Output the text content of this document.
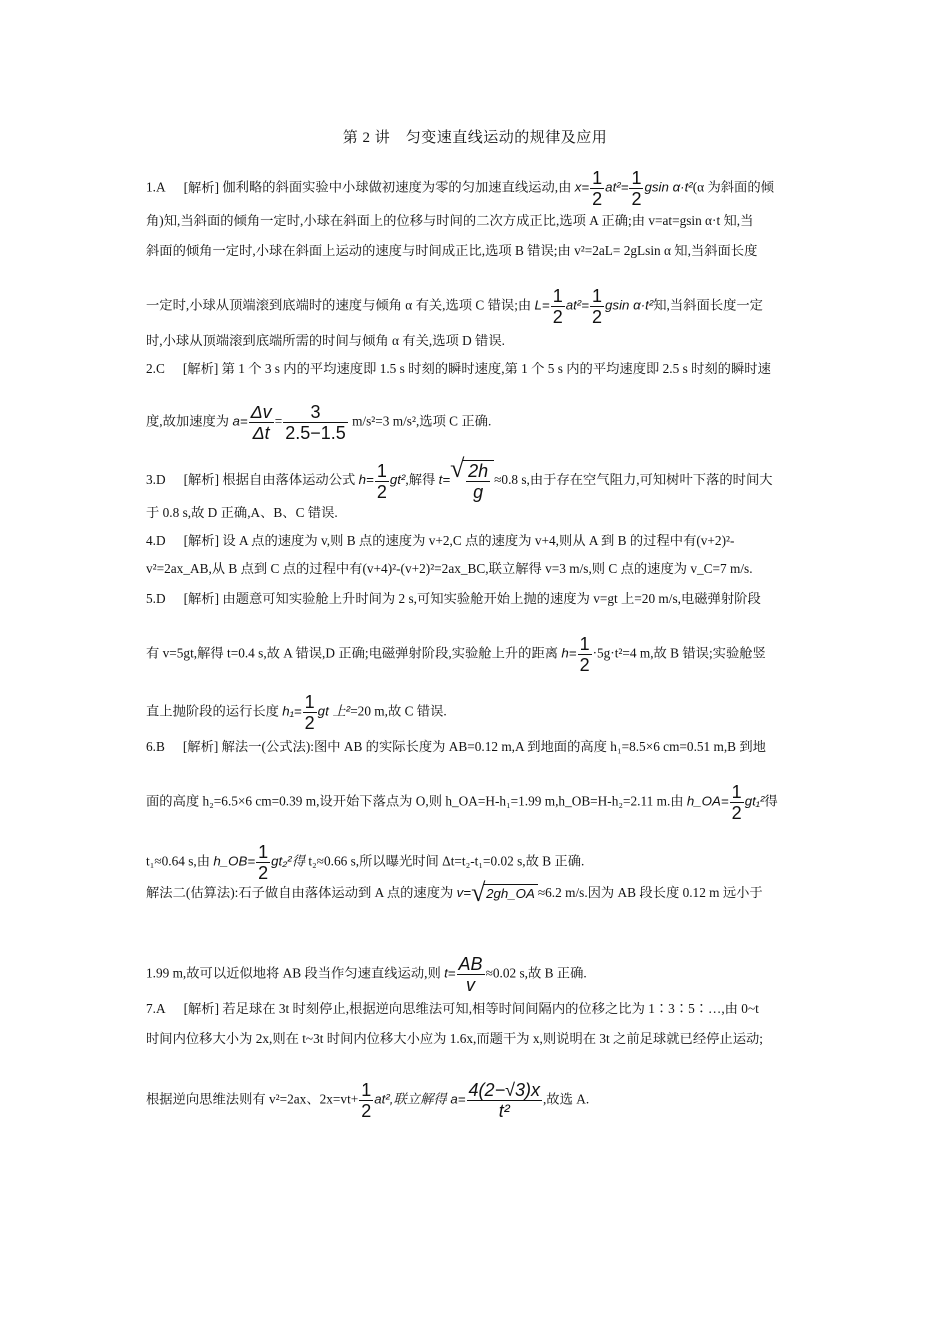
第 2 讲　匀变速直线运动的规律及应用
1.A [解析] 伽利略的斜面实验中小球做初速度为零的匀加速直线运动,由 $x= \frac{1}{2} at^2= \frac{1}{2}$ gsin α·t²(α 为斜面的倾
角)知,当斜面的倾角一定时,小球在斜面上的位移与时间的二次方成正比,选项 A 正确;由 v=at=gsin α·t 知,当
斜面的倾角一定时,小球在斜面上运动的速度与时间成正比,选项 B 错误;由 v²=2aL= 2gLsin α 知,当斜面长度
一定时,小球从顶端滚到底端时的速度与倾角 α 有关,选项 C 错误;由 $L= \frac{1}{2} at^2= \frac{1}{2}$ gsin α·t²知,当斜面长度一定
时,小球从顶端滚到底端所需的时间与倾角 α 有关,选项 D 错误.
2.C [解析] 第 1 个 3 s 内的平均速度即 1.5 s 时刻的瞬时速度,第 1 个 5 s 内的平均速度即 2.5 s 时刻的瞬时速
度,故加速度为 $a= \frac{\Delta v}{\Delta t} = \frac{3}{2.5-1.5} m/s^2=3$ m/s²,选项 C 正确.
3.D [解析] 根据自由落体运动公式 $h= \frac{1}{2} gt^2$,解得 t= √ $\frac{2h}{g} \approx 0.8$ s,由于存在空气阻力,可知树叶下落的时间大
于 0.8 s,故 D 正确,A、B、C 错误.
4.D [解析] 设 A 点的速度为 v,则 B 点的速度为 v+2,C 点的速度为 v+4,则从 A 到 B 的过程中有(v+2)²-
v²=2ax_AB,从 B 点到 C 点的过程中有(v+4)²-(v+2)²=2ax_BC,联立解得 v=3 m/s,则 C 点的速度为 v_C=7 m/s.
5.D [解析] 由题意可知实验舱上升时间为 2 s,可知实验舱开始上抛的速度为 v=gt 上=20 m/s,电磁弹射阶段
有 v=5gt,解得 t=0.4 s,故 A 错误,D 正确;电磁弹射阶段,实验舱上升的距离 $h= \frac{1}{2} \cdot 5g\cdot t^2=4$ m,故 B 错误;实验舱竖
直上抛阶段的运行长度 $h_1= \frac{1}{2}$ gt 上²=20 m,故 C 错误.
6.B [解析] 解法一(公式法):图中 AB 的实际长度为 AB=0.12 m,A 到地面的高度 h₁=8.5×6 cm=0.51 m,B 到地
面的高度 h₂=6.5×6 cm=0.39 m,设开始下落点为 O,则 h_OA=H-h₁=1.99 m,h_OB=H-h₂=2.11 m.由 h_OA= $\frac{1}{2} gt_1^2$得
t₁≈0.64 s,由 h_OB= $\frac{1}{2} gt_2^2$得 t₂≈0.66 s,所以曝光时间 Δt=t₂-t₁=0.02 s,故 B 正确.
解法二(估算法):石子做自由落体运动到 A 点的速度为 v= √ 2gh_OA ≈6.2 m/s.因为 AB 段长度 0.12 m 远小于
1.99 m,故可以近似地将 AB 段当作匀速直线运动,则 $t= \frac{AB}{v} \approx 0.02$ s,故 B 正确.
7.A [解析] 若足球在 3t 时刻停止,根据逆向思维法可知,相等时间间隔内的位移之比为 1∶3∶5∶…,由 0~t
时间内位移大小为 2x,则在 t~3t 时间内位移大小应为 1.6x,而题干为 x,则说明在 3t 之前足球就已经停止运动;
根据逆向思维法则有 v²=2ax、$2x=vt+ \frac{1}{2} at^2$,联立解得 $a= \frac{4(2-√3)x}{\text{t²}}$ ,故选 A.
